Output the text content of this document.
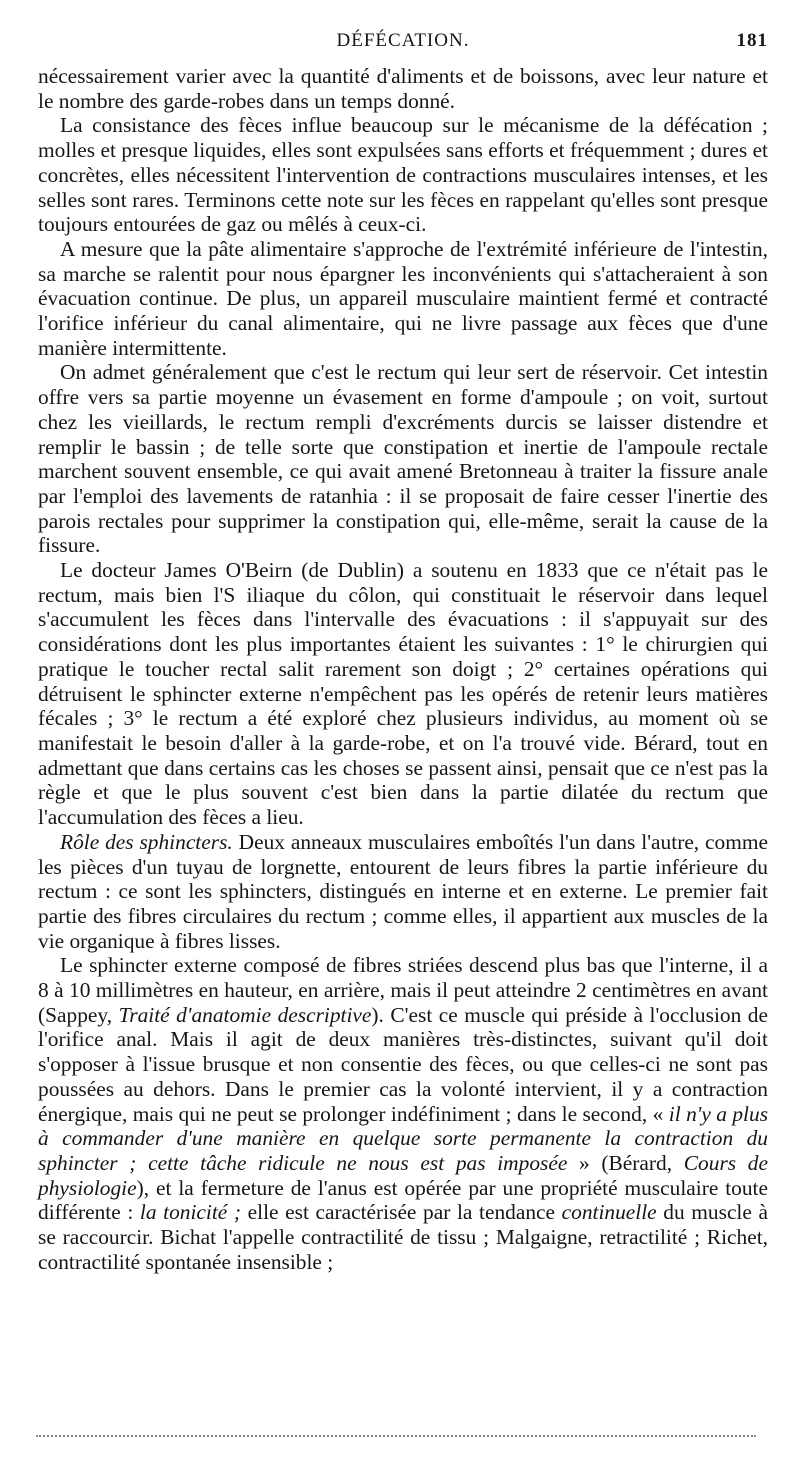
DÉFÉCATION.	181

nécessairement varier avec la quantité d'aliments et de boissons, avec leur nature et le nombre des garde-robes dans un temps donné.

La consistance des fèces influe beaucoup sur le mécanisme de la défécation ; molles et presque liquides, elles sont expulsées sans efforts et fréquemment ; dures et concrètes, elles nécessitent l'intervention de contractions musculaires intenses, et les selles sont rares. Terminons cette note sur les fèces en rappelant qu'elles sont presque toujours entourées de gaz ou mêlés à ceux-ci.

A mesure que la pâte alimentaire s'approche de l'extrémité inférieure de l'intestin, sa marche se ralentit pour nous épargner les inconvénients qui s'attacheraient à son évacuation continue. De plus, un appareil musculaire maintient fermé et contracté l'orifice inférieur du canal alimentaire, qui ne livre passage aux fèces que d'une manière intermittente.

On admet généralement que c'est le rectum qui leur sert de réservoir. Cet intestin offre vers sa partie moyenne un évasement en forme d'ampoule ; on voit, surtout chez les vieillards, le rectum rempli d'excréments durcis se laisser distendre et remplir le bassin ; de telle sorte que constipation et inertie de l'ampoule rectale marchent souvent ensemble, ce qui avait amené Bretonneau à traiter la fissure anale par l'emploi des lavements de ratanhia : il se proposait de faire cesser l'inertie des parois rectales pour supprimer la constipation qui, elle-même, serait la cause de la fissure.

Le docteur James O'Beirn (de Dublin) a soutenu en 1833 que ce n'était pas le rectum, mais bien l'S iliaque du côlon, qui constituait le réservoir dans lequel s'accumulent les fèces dans l'intervalle des évacuations : il s'appuyait sur des considérations dont les plus importantes étaient les suivantes : 1° le chirurgien qui pratique le toucher rectal salit rarement son doigt ; 2° certaines opérations qui détruisent le sphincter externe n'empêchent pas les opérés de retenir leurs matières fécales ; 3° le rectum a été exploré chez plusieurs individus, au moment où se manifestait le besoin d'aller à la garde-robe, et on l'a trouvé vide. Bérard, tout en admettant que dans certains cas les choses se passent ainsi, pensait que ce n'est pas la règle et que le plus souvent c'est bien dans la partie dilatée du rectum que l'accumulation des fèces a lieu.

Rôle des sphincters. Deux anneaux musculaires emboîtés l'un dans l'autre, comme les pièces d'un tuyau de lorgnette, entourent de leurs fibres la partie inférieure du rectum : ce sont les sphincters, distingués en interne et en externe. Le premier fait partie des fibres circulaires du rectum ; comme elles, il appartient aux muscles de la vie organique à fibres lisses.

Le sphincter externe composé de fibres striées descend plus bas que l'interne, il a 8 à 10 millimètres en hauteur, en arrière, mais il peut atteindre 2 centimètres en avant (Sappey, Traité d'anatomie descriptive). C'est ce muscle qui préside à l'occlusion de l'orifice anal. Mais il agit de deux manières très-distinctes, suivant qu'il doit s'opposer à l'issue brusque et non consentie des fèces, ou que celles-ci ne sont pas poussées au dehors. Dans le premier cas la volonté intervient, il y a contraction énergique, mais qui ne peut se prolonger indéfiniment ; dans le second, « il n'y a plus à commander d'une manière en quelque sorte permanente la contraction du sphincter ; cette tâche ridicule ne nous est pas imposée » (Bérard, Cours de physiologie), et la fermeture de l'anus est opérée par une propriété musculaire toute différente : la tonicité ; elle est caractérisée par la tendance continuelle du muscle à se raccourcir. Bichat l'appelle contractilité de tissu ; Malgaigne, retractilité ; Richet, contractilité spontanée insensible ;
